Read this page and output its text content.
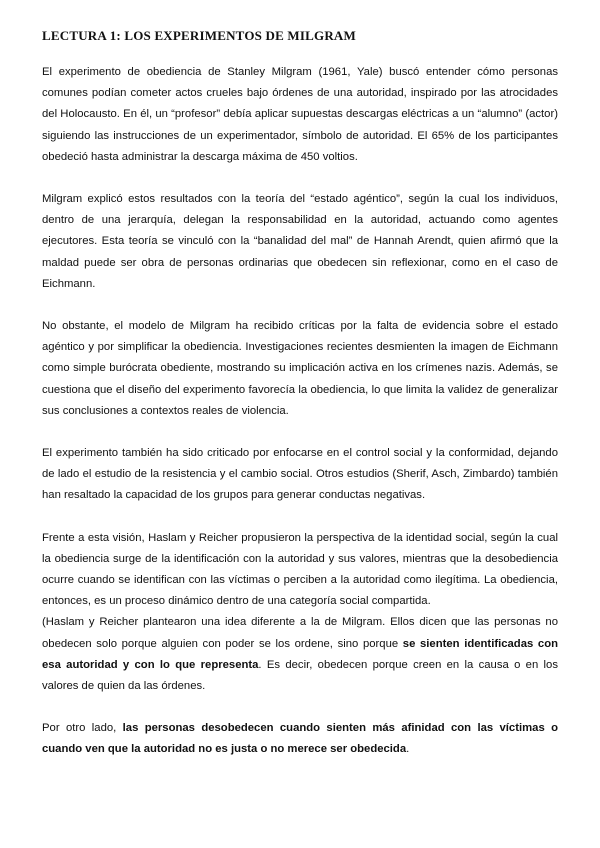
LECTURA 1: LOS EXPERIMENTOS DE MILGRAM

El experimento de obediencia de Stanley Milgram (1961, Yale) buscó entender cómo personas comunes podían cometer actos crueles bajo órdenes de una autoridad, inspirado por las atrocidades del Holocausto. En él, un “profesor” debía aplicar supuestas descargas eléctricas a un “alumno” (actor) siguiendo las instrucciones de un experimentador, símbolo de autoridad. El 65% de los participantes obedeció hasta administrar la descarga máxima de 450 voltios.

Milgram explicó estos resultados con la teoría del “estado agéntico”, según la cual los individuos, dentro de una jerarquía, delegan la responsabilidad en la autoridad, actuando como agentes ejecutores. Esta teoría se vinculó con la “banalidad del mal” de Hannah Arendt, quien afirmó que la maldad puede ser obra de personas ordinarias que obedecen sin reflexionar, como en el caso de Eichmann.

No obstante, el modelo de Milgram ha recibido críticas por la falta de evidencia sobre el estado agéntico y por simplificar la obediencia. Investigaciones recientes desmienten la imagen de Eichmann como simple burócrata obediente, mostrando su implicación activa en los crímenes nazis. Además, se cuestiona que el diseño del experimento favorecía la obediencia, lo que limita la validez de generalizar sus conclusiones a contextos reales de violencia.

El experimento también ha sido criticado por enfocarse en el control social y la conformidad, dejando de lado el estudio de la resistencia y el cambio social. Otros estudios (Sherif, Asch, Zimbardo) también han resaltado la capacidad de los grupos para generar conductas negativas.

Frente a esta visión, Haslam y Reicher propusieron la perspectiva de la identidad social, según la cual la obediencia surge de la identificación con la autoridad y sus valores, mientras que la desobediencia ocurre cuando se identifican con las víctimas o perciben a la autoridad como ilegítima. La obediencia, entonces, es un proceso dinámico dentro de una categoría social compartida.

(Haslam y Reicher plantearon una idea diferente a la de Milgram. Ellos dicen que las personas no obedecen solo porque alguien con poder se los ordene, sino porque se sienten identificadas con esa autoridad y con lo que representa. Es decir, obedecen porque creen en la causa o en los valores de quien da las órdenes.

Por otro lado, las personas desobedecen cuando sienten más afinidad con las víctimas o cuando ven que la autoridad no es justa o no merece ser obedecida.
